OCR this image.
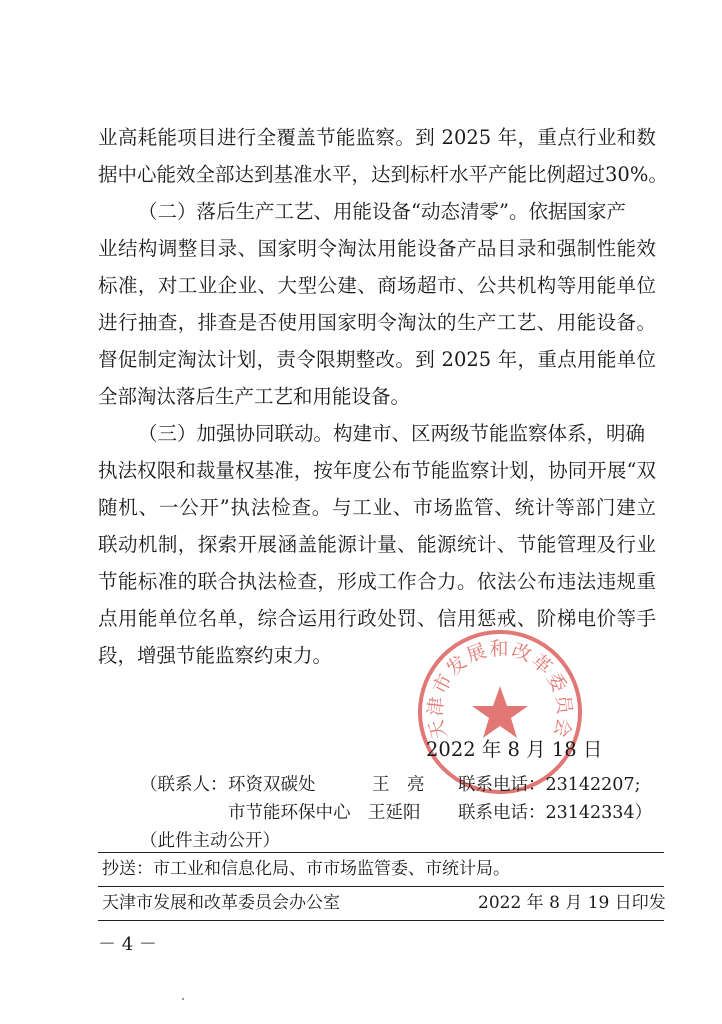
业高耗能项目进行全覆盖节能监察。到 2025 年，重点行业和数
据中心能效全部达到基准水平，达到标杆水平产能比例超过30%。
（二）落后生产工艺、用能设备“动态清零”。依据国家产
业结构调整目录、国家明令淘汰用能设备产品目录和强制性能效
标准，对工业企业、大型公建、商场超市、公共机构等用能单位
进行抽查，排查是否使用国家明令淘汰的生产工艺、用能设备。
督促制定淘汰计划，责令限期整改。到 2025 年，重点用能单位
全部淘汰落后生产工艺和用能设备。
（三）加强协同联动。构建市、区两级节能监察体系，明确
执法权限和裁量权基准，按年度公布节能监察计划，协同开展“双
随机、一公开”执法检查。与工业、市场监管、统计等部门建立
联动机制，探索开展涵盖能源计量、能源统计、节能管理及行业
节能标准的联合执法检查，形成工作合力。依法公布违法违规重
点用能单位名单，综合运用行政处罚、信用惩戒、阶梯电价等手
段，增强节能监察约束力。
天津市发展和改革委员会
2022 年 8 月 18 日
（联系人： 环资双碳处	王　亮 联系电话：23142207;
市节能环保中心 王延阳 联系电话：23142334）
（此件主动公开）
抄送：市工业和信息化局、市市场监管委、市统计局。
天津市发展和改革委员会办公室	2022 年 8 月 19 日印发
－ 4 －
